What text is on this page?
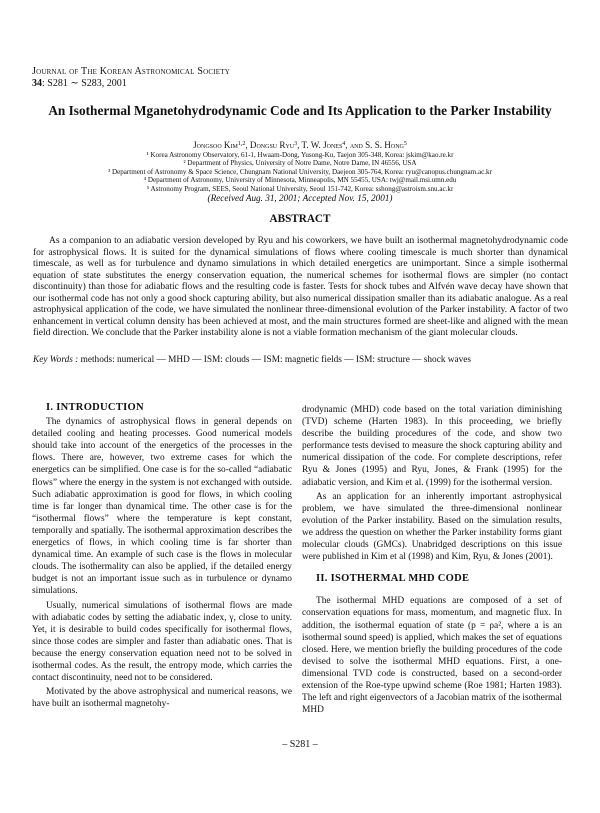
Journal of The Korean Astronomical Society
34: S281 ∼ S283, 2001
An Isothermal Mganetohydrodynamic Code and Its Application to the Parker Instability
Jongsoo Kim$^{1,2}$, Dongsu Ryu$^3$, T. W. Jones$^4$, and S. S. Hong$^5$
¹ Korea Astronomy Observatory, 61-1, Hwaam-Dong, Yusong-Ku, Taejon 305-348, Korea: jskim@kao.re.kr
² Department of Physics, University of Notre Dame, Notre Dame, IN 46556, USA
³ Department of Astronomy & Space Science, Chungnam National University, Daejeon 305-764, Korea: ryu@canopus.chungnam.ac.kr
⁴ Department of Astronomy, University of Minnesota, Minneapolis, MN 55455, USA: twj@mail.msi.umn.edu
⁵ Astronomy Program, SEES, Seoul National University, Seoul 151-742, Korea: sshong@astroism.snu.ac.kr
(Received Aug. 31, 2001; Accepted Nov. 15, 2001)
ABSTRACT
As a companion to an adiabatic version developed by Ryu and his coworkers, we have built an isothermal magnetohydrodynamic code for astrophysical flows. It is suited for the dynamical simulations of flows where cooling timescale is much shorter than dynamical timescale, as well as for turbulence and dynamo simulations in which detailed energetics are unimportant. Since a simple isothermal equation of state substitutes the energy conservation equation, the numerical schemes for isothermal flows are simpler (no contact discontinuity) than those for adiabatic flows and the resulting code is faster. Tests for shock tubes and Alfvén wave decay have shown that our isothermal code has not only a good shock capturing ability, but also numerical dissipation smaller than its adiabatic analogue. As a real astrophysical application of the code, we have simulated the nonlinear three-dimensional evolution of the Parker instability. A factor of two enhancement in vertical column density has been achieved at most, and the main structures formed are sheet-like and aligned with the mean field direction. We conclude that the Parker instability alone is not a viable formation mechanism of the giant molecular clouds.
Key Words : methods: numerical — MHD — ISM: clouds — ISM: magnetic fields — ISM: structure — shock waves

I. INTRODUCTION

The dynamics of astrophysical flows in general depends on detailed cooling and heating processes. Good numerical models should take into account of the energetics of the processes in the flows. There are, however, two extreme cases for which the energetics can be simplified. One case is for the so-called “adiabatic flows” where the energy in the system is not exchanged with outside. Such adiabatic approximation is good for flows, in which cooling time is far longer than dynamical time. The other case is for the “isothermal flows” where the temperature is kept constant, temporally and spatially. The isothermal approximation describes the energetics of flows, in which cooling time is far shorter than dynamical time. An example of such case is the flows in molecular clouds. The isothermality can also be applied, if the detailed energy budget is not an important issue such as in turbulence or dynamo simulations.

Usually, numerical simulations of isothermal flows are made with adiabatic codes by setting the adiabatic index, γ, close to unity. Yet, it is desirable to build codes specifically for isothermal flows, since those codes are simpler and faster than adiabatic ones. That is because the energy conservation equation need not to be solved in isothermal codes. As the result, the entropy mode, which carries the contact discontinuity, need not to be considered.

Motivated by the above astrophysical and numerical reasons, we have built an isothermal magnetohy-

drodynamic (MHD) code based on the total variation diminishing (TVD) scheme (Harten 1983). In this proceeding, we briefly describe the building procedures of the code, and show two performance tests devised to measure the shock capturing ability and numerical dissipation of the code. For complete descriptions, refer Ryu & Jones (1995) and Ryu, Jones, & Frank (1995) for the adiabatic version, and Kim et al. (1999) for the isothermal version.

As an application for an inherently important astrophysical problem, we have simulated the three-dimensional nonlinear evolution of the Parker instability. Based on the simulation results, we address the question on whether the Parker instability forms giant molecular clouds (GMCs). Unabridged descriptions on this issue were published in Kim et al (1998) and Kim, Ryu, & Jones (2001).

II. ISOTHERMAL MHD CODE

The isothermal MHD equations are composed of a set of conservation equations for mass, momentum, and magnetic flux. In addition, the isothermal equation of state (p = ρa², where a is an isothermal sound speed) is applied, which makes the set of equations closed. Here, we mention briefly the building procedures of the code devised to solve the isothermal MHD equations. First, a one-dimensional TVD code is constructed, based on a second-order extension of the Roe-type upwind scheme (Roe 1981; Harten 1983). The left and right eigenvectors of a Jacobian matrix of the isothermal MHD

– S281 –
